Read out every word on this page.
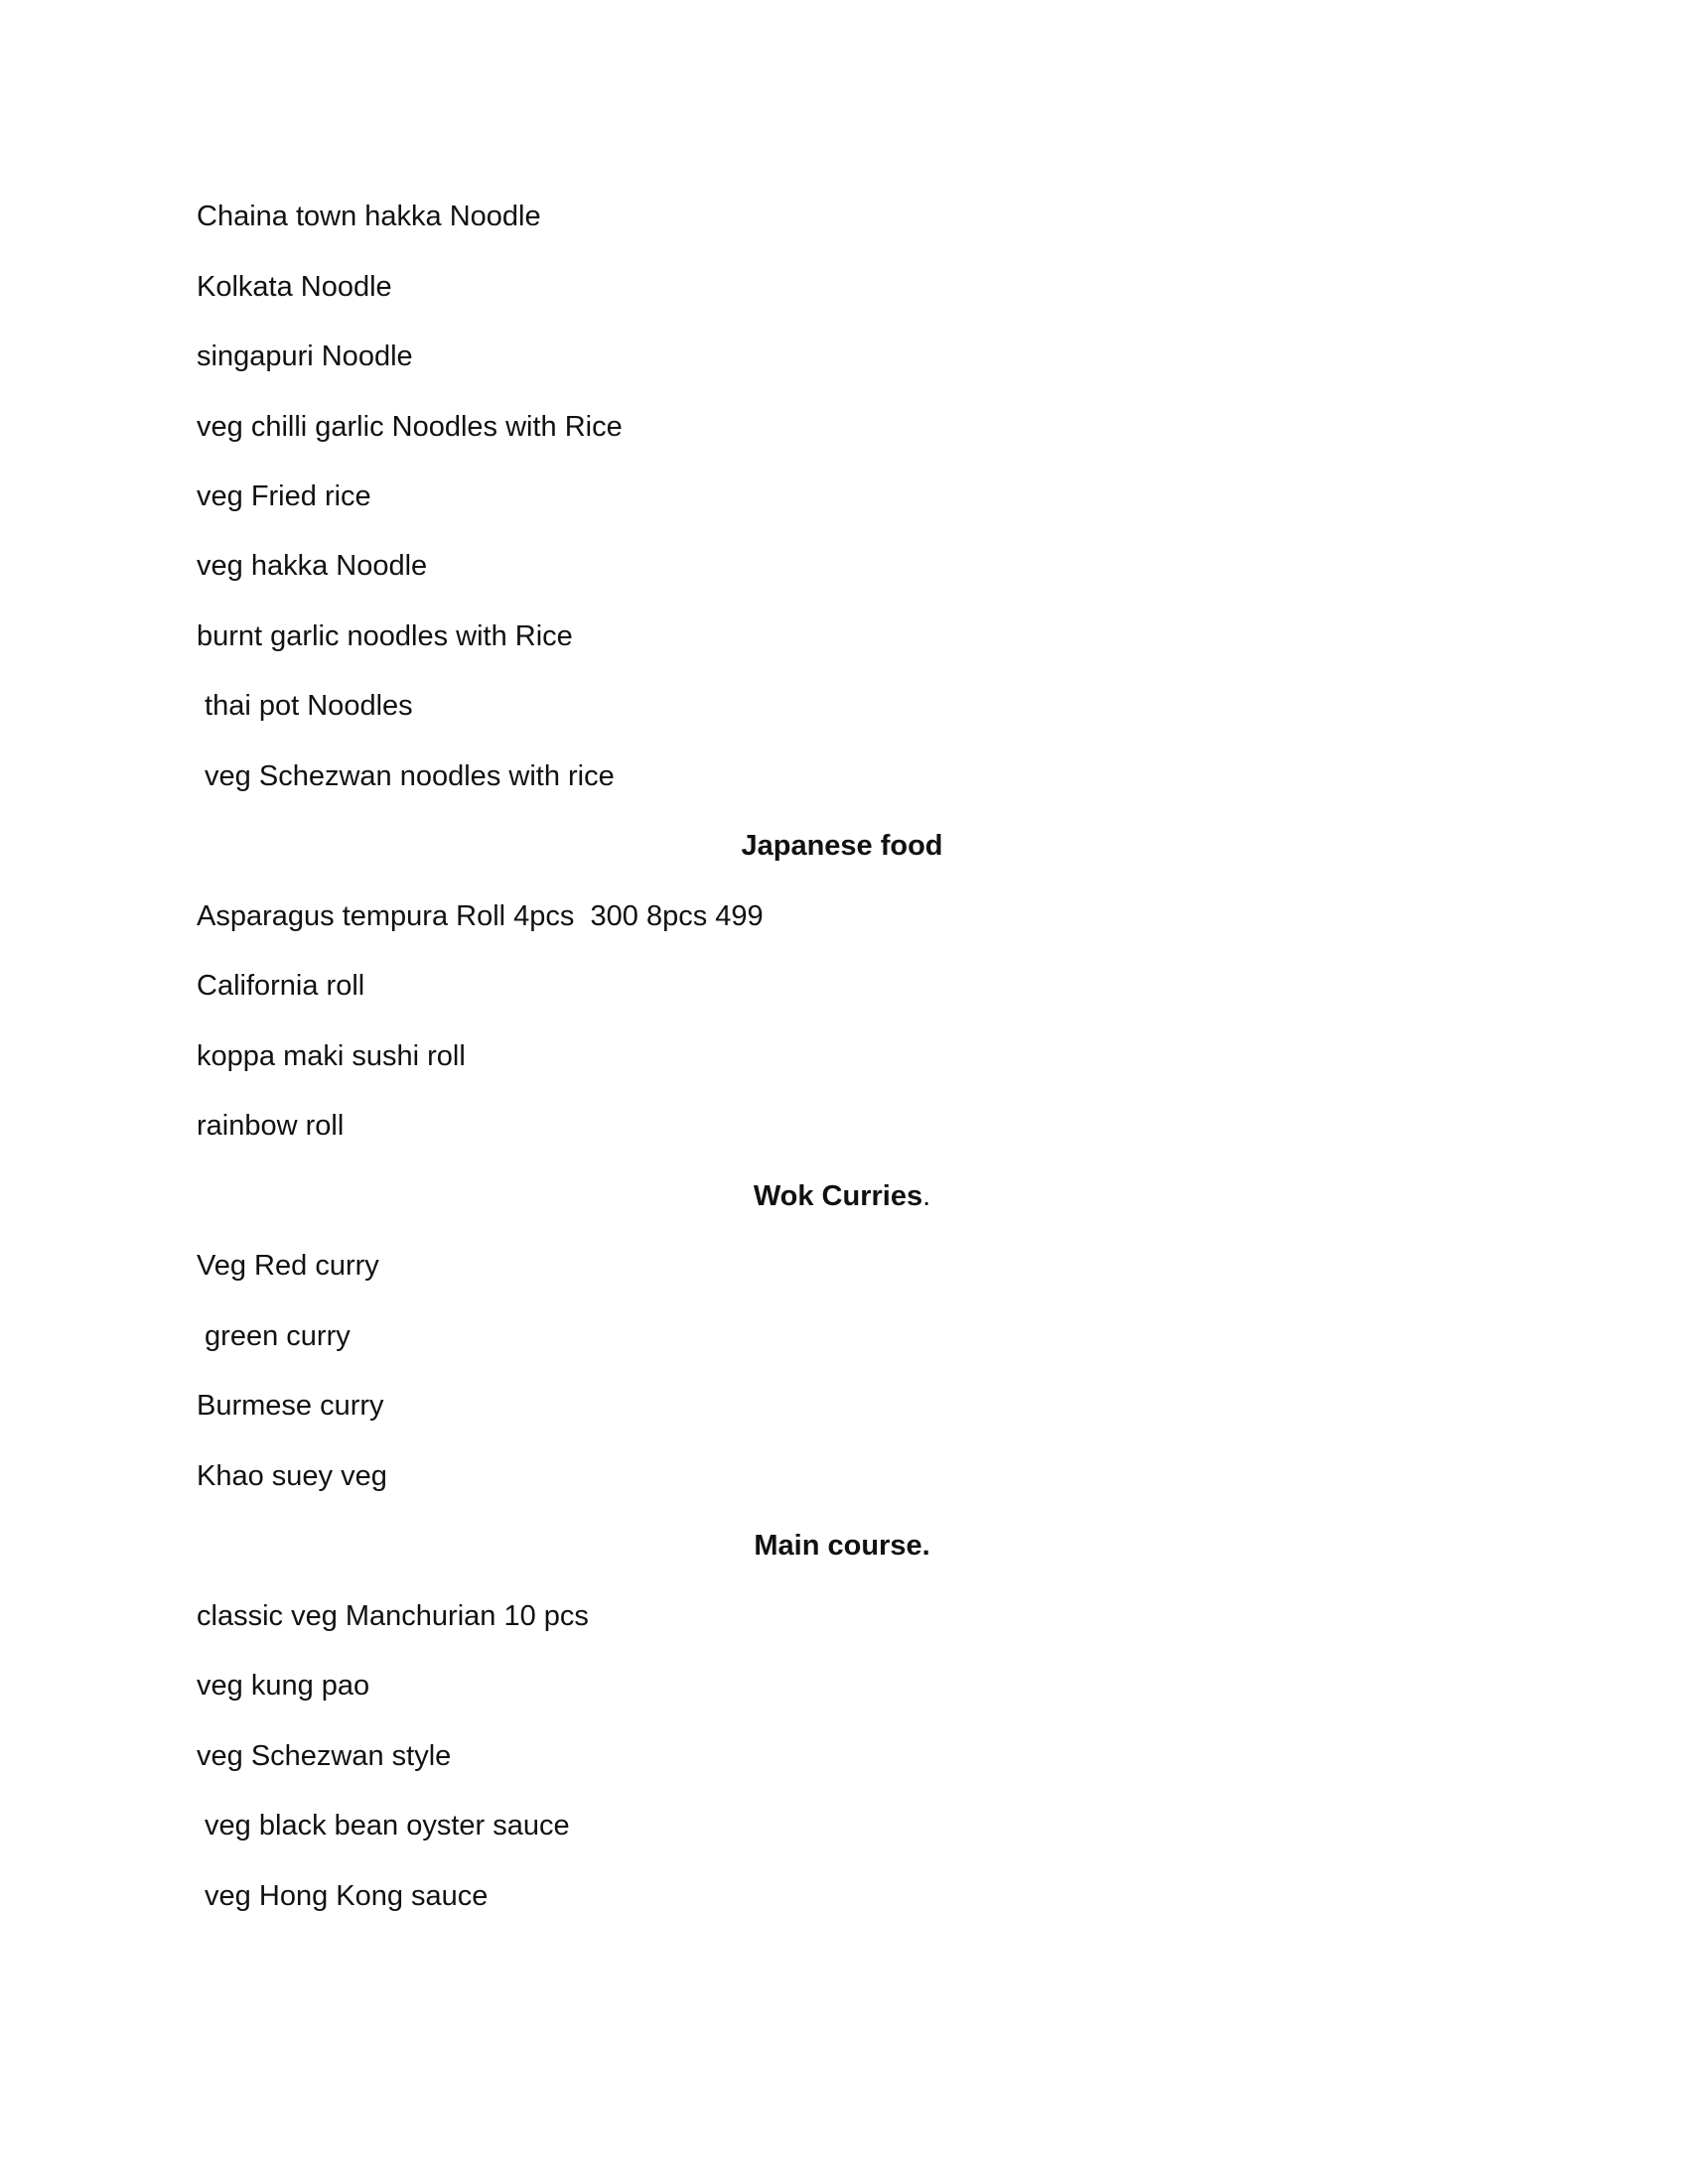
Chaina town hakka Noodle
Kolkata Noodle
singapuri Noodle
veg chilli garlic Noodles with Rice
veg Fried rice
veg hakka Noodle
burnt garlic noodles with Rice
thai pot Noodles
veg Schezwan noodles with rice
Japanese food
Asparagus tempura Roll 4pcs  300 8pcs 499
California roll
koppa maki sushi roll
rainbow roll
Wok Curries.
Veg Red curry
green curry
Burmese curry
Khao suey veg
Main course.
classic veg Manchurian 10 pcs
veg kung pao
veg Schezwan style
veg black bean oyster sauce
veg Hong Kong sauce
